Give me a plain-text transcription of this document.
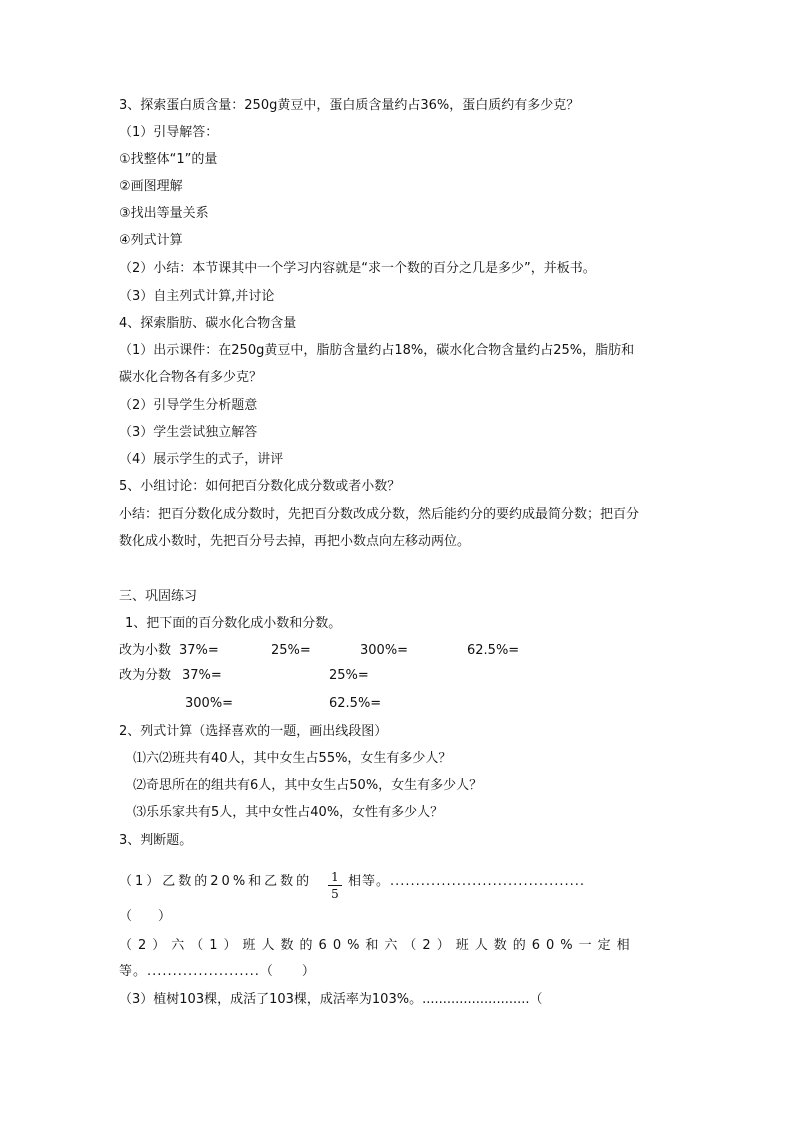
3、探索蛋白质含量：250g黄豆中，蛋白质含量约占36%，蛋白质约有多少克？
（1）引导解答：
①找整体“1”的量
②画图理解
③找出等量关系
④列式计算
（2）小结：本节课其中一个学习内容就是“求一个数的百分之几是多少”，并板书。
（3）自主列式计算,并讨论
4、探索脂肪、碳水化合物含量
（1）出示课件：在250g黄豆中，脂肪含量约占18%，碳水化合物含量约占25%，脂肪和
碳水化合物各有多少克？
（2）引导学生分析题意
（3）学生尝试独立解答
（4）展示学生的式子，讲评
5、小组讨论：如何把百分数化成分数或者小数？
小结：把百分数化成分数时，先把百分数改成分数，然后能约分的要约成最简分数；把百分
数化成小数时，先把百分号去掉，再把小数点向左移动两位。
三、巩固练习
1、把下面的百分数化成小数和分数。
改为小数 37%=	25%=	300%=	62.5%=
改为分数 37%=	25%=
300%=	62.5%=
2、列式计算（选择喜欢的一题，画出线段图）
⑴六⑵班共有40人，其中女生占55%，女生有多少人？
⑵奇思所在的组共有6人，其中女生占50%，女生有多少人？
⑶乐乐家共有5人，其中女性占40%，女性有多少人？
3、判断题。
（1）乙数的20%和乙数的 1
5
相等。......................................
（　　）
（2）六（1）班人数的60%和六（2）班人数的60%一定相
等。......................（　　）
（3）植树103棵，成活了103棵，成活率为103%。..........................（
